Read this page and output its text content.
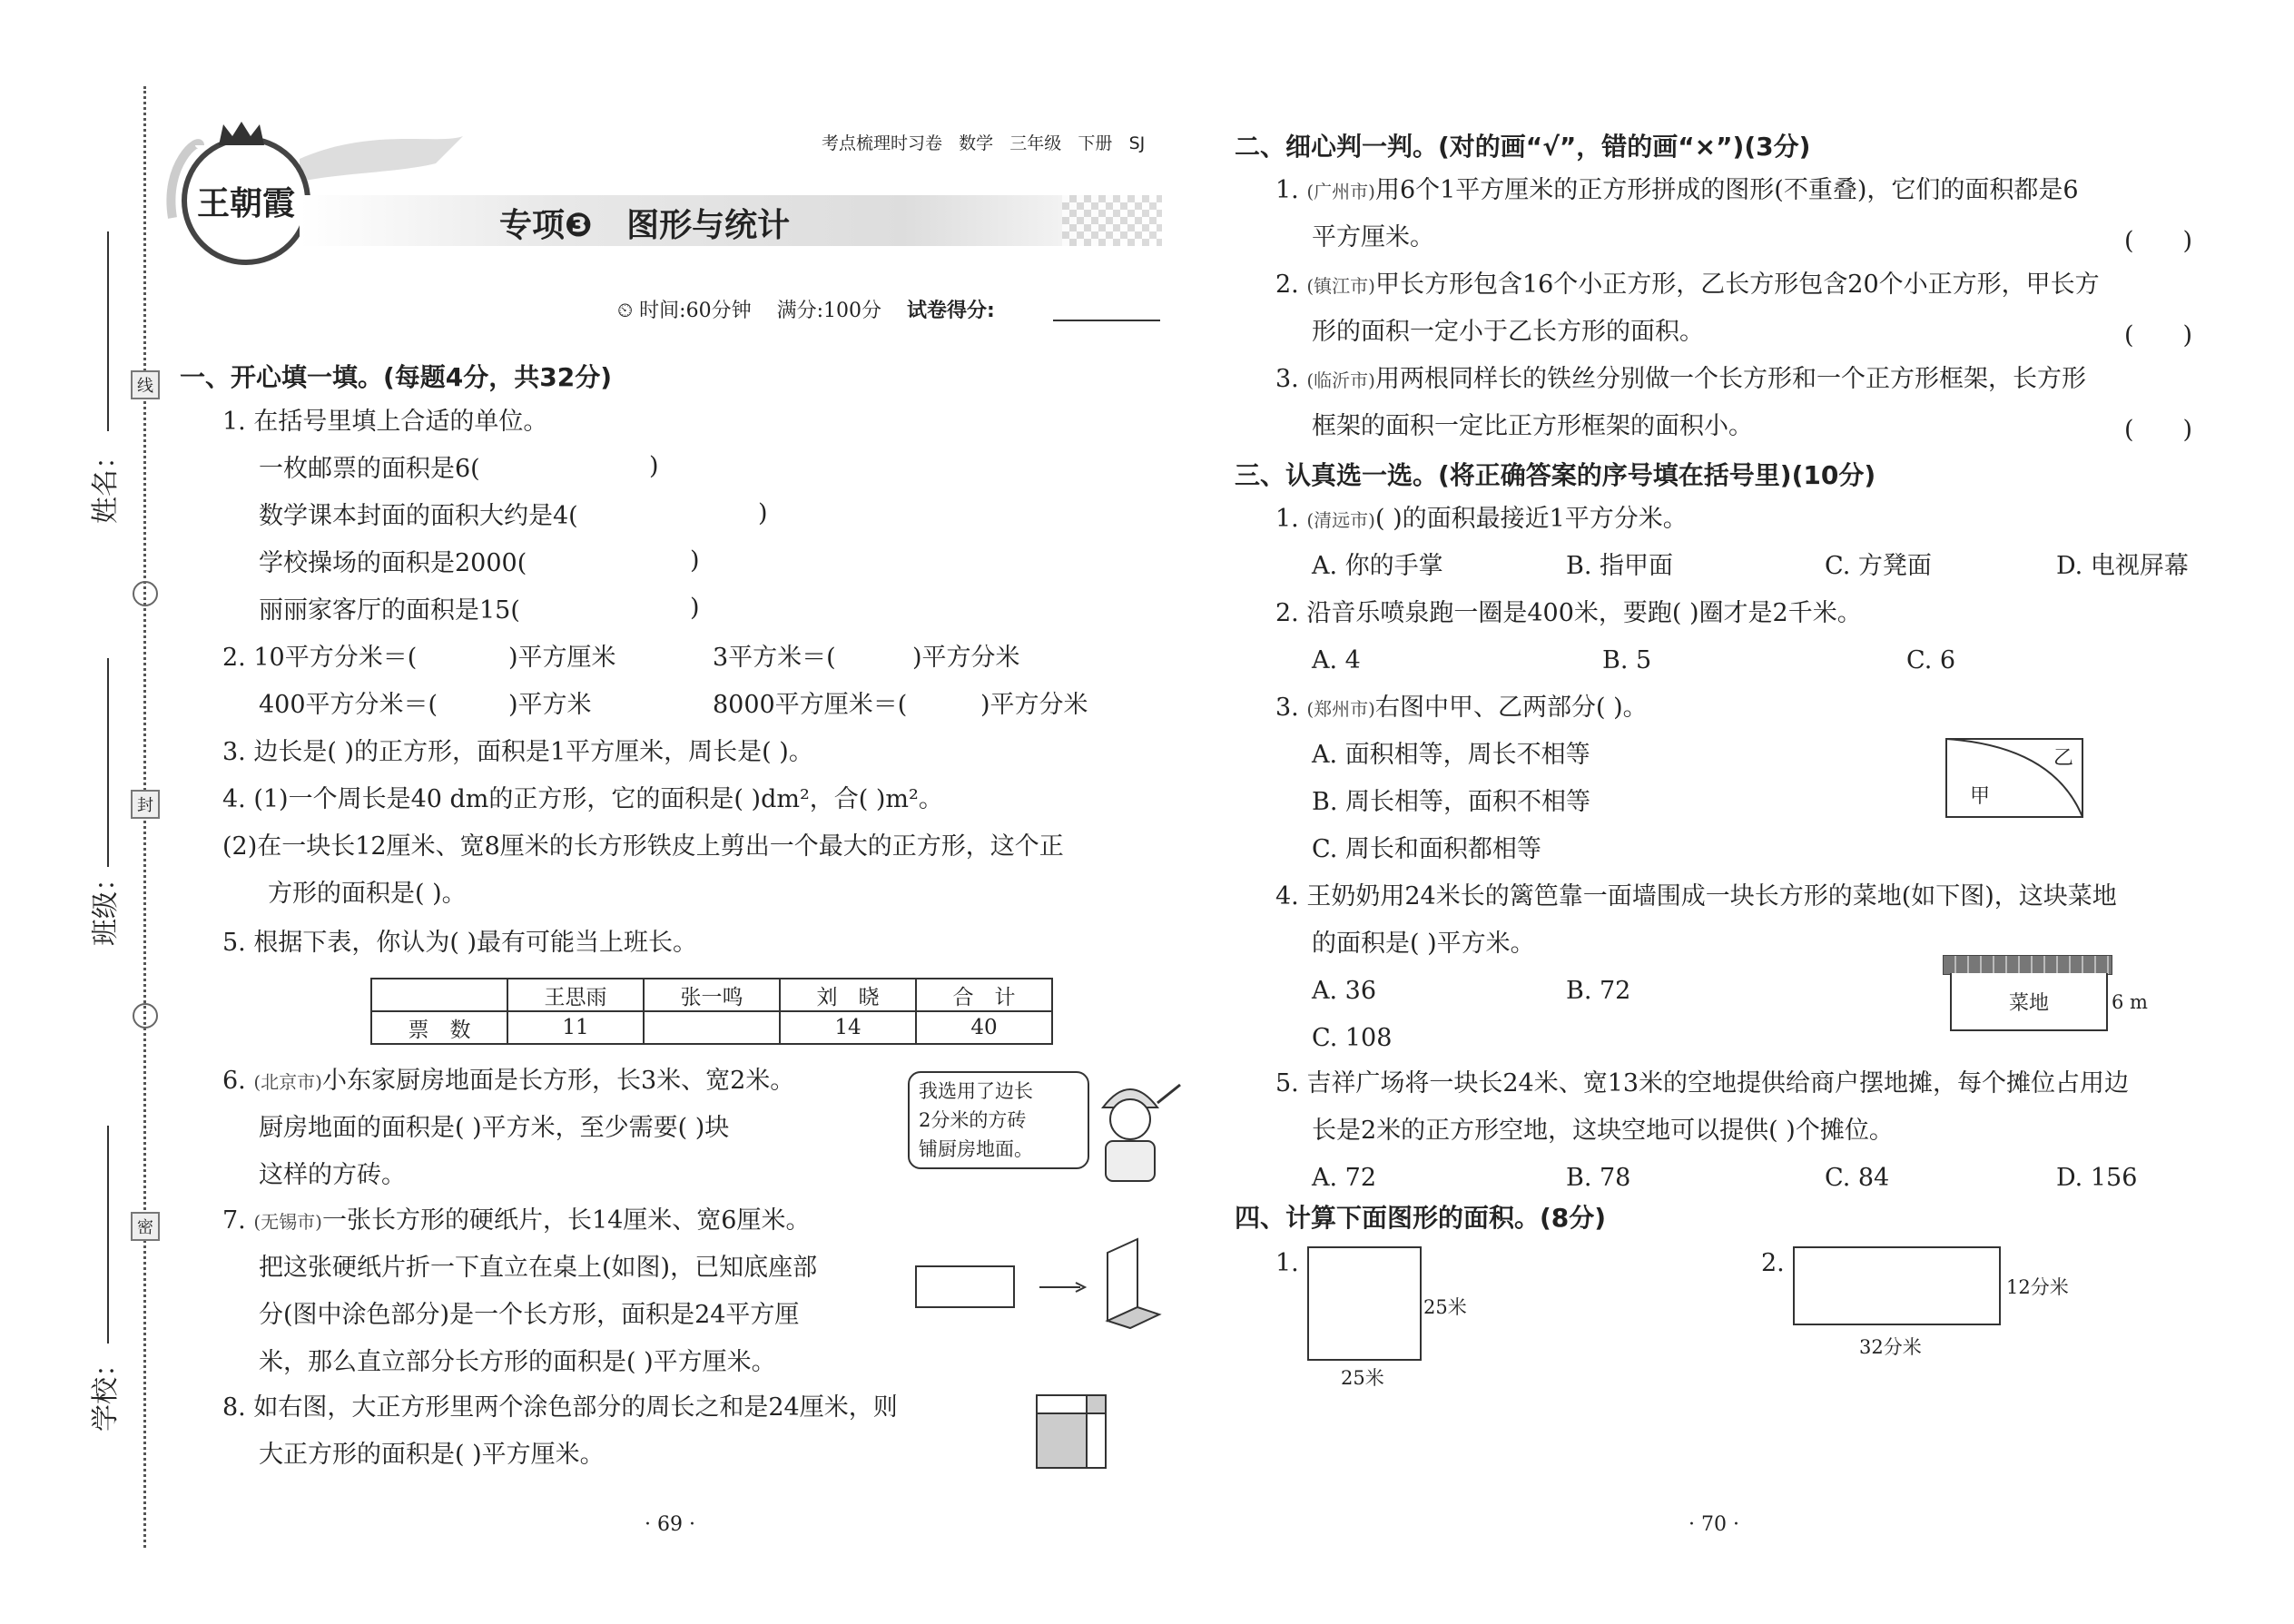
姓名：
班级：
学校：
线
封
密
王朝霞
考点梳理时习卷 数学 三年级 下册 SJ
专项❸ 图形与统计
⏲ 时间:60分钟 满分:100分 试卷得分:
一、开心填一填。(每题4分，共32分)
1. 在括号里填上合适的单位。
一枚邮票的面积是6(	)
数学课本封面的面积大约是4(	)
学校操场的面积是2000(	)
丽丽家客厅的面积是15(	)
2. 10平方分米＝(	)平方厘米	3平方米＝(	)平方分米
400平方分米＝(	)平方米	8000平方厘米＝(	)平方分米
3. 边长是( )的正方形，面积是1平方厘米，周长是( )。
4. (1)一个周长是40 dm的正方形，它的面积是( )dm²，合( )m²。
(2)在一块长12厘米、宽8厘米的长方形铁皮上剪出一个最大的正方形，这个正
方形的面积是( )。
5. 根据下表，你认为( )最有可能当上班长。
	王思雨	张一鸣	刘　晓	合　计
票　数	11		14	40
6. (北京市)小东家厨房地面是长方形，长3米、宽2米。
厨房地面的面积是( )平方米，至少需要( )块
这样的方砖。
我选用了边长
2分米的方砖
铺厨房地面。
7. (无锡市)一张长方形的硬纸片，长14厘米、宽6厘米。
把这张硬纸片折一下直立在桌上(如图)，已知底座部
分(图中涂色部分)是一个长方形，面积是24平方厘
米，那么直立部分长方形的面积是( )平方厘米。
8. 如右图，大正方形里两个涂色部分的周长之和是24厘米，则
大正方形的面积是( )平方厘米。
· 69 ·
二、细心判一判。(对的画“√”，错的画“×”)(3分)
1. (广州市)用6个1平方厘米的正方形拼成的图形(不重叠)，它们的面积都是6
平方厘米。	(　　)
2. (镇江市)甲长方形包含16个小正方形，乙长方形包含20个小正方形，甲长方
形的面积一定小于乙长方形的面积。	(　　)
3. (临沂市)用两根同样长的铁丝分别做一个长方形和一个正方形框架，长方形
框架的面积一定比正方形框架的面积小。	(　　)
三、认真选一选。(将正确答案的序号填在括号里)(10分)
1. (清远市)( )的面积最接近1平方分米。
A. 你的手掌	B. 指甲面	C. 方凳面	D. 电视屏幕
2. 沿音乐喷泉跑一圈是400米，要跑( )圈才是2千米。
A. 4	B. 5	C. 6
3. (郑州市)右图中甲、乙两部分( )。
A. 面积相等，周长不相等
B. 周长相等，面积不相等
C. 周长和面积都相等
甲
乙
4. 王奶奶用24米长的篱笆靠一面墙围成一块长方形的菜地(如下图)，这块菜地
的面积是( )平方米。
A. 36	B. 72
C. 108
菜地	6 m
5. 吉祥广场将一块长24米、宽13米的空地提供给商户摆地摊，每个摊位占用边
长是2米的正方形空地，这块空地可以提供( )个摊位。
A. 72	B. 78	C. 84	D. 156
四、计算下面图形的面积。(8分)
1.
25米
25米
2.
12分米
32分米
· 70 ·
